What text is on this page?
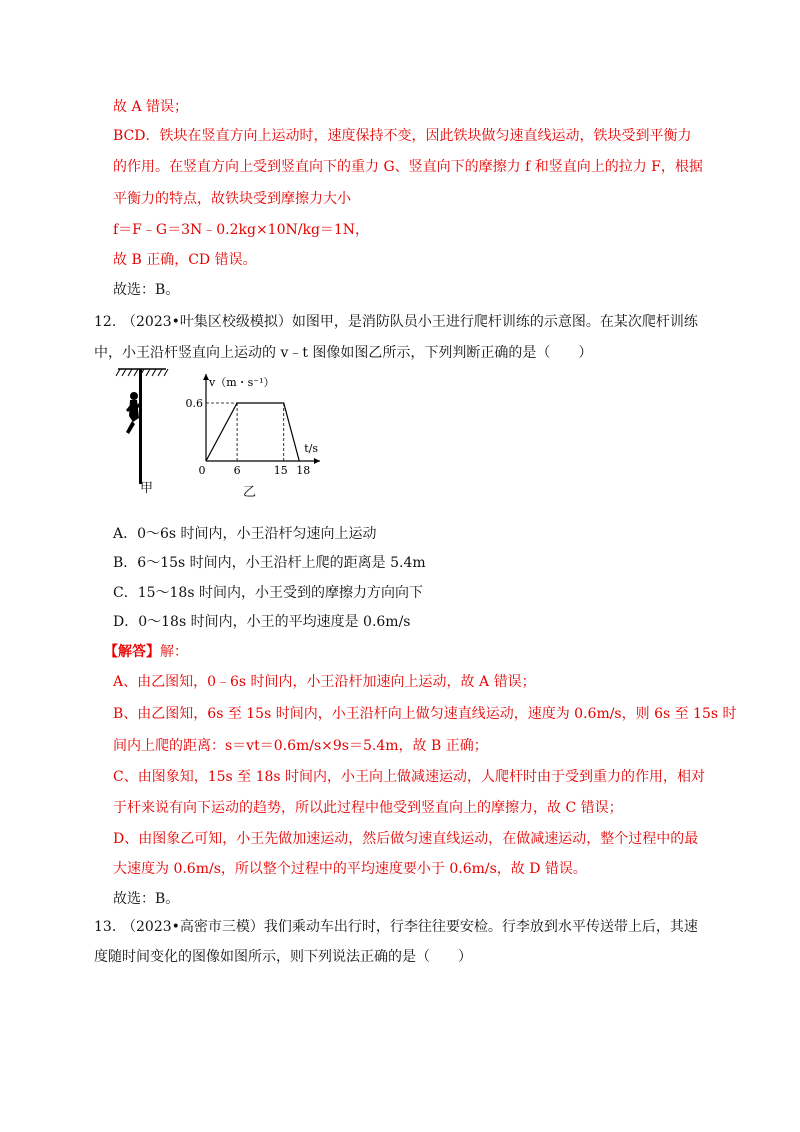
故 A 错误；
BCD．铁块在竖直方向上运动时，速度保持不变，因此铁块做匀速直线运动，铁块受到平衡力
的作用。在竖直方向上受到竖直向下的重力 G、竖直向下的摩擦力 f 和竖直向上的拉力 F，根据
平衡力的特点，故铁块受到摩擦力大小
f＝F﹣G＝3N﹣0.2kg×10N/kg＝1N，
故 B 正确，CD 错误。
故选：B。
12. （2023•叶集区校级模拟）如图甲，是消防队员小王进行爬杆训练的示意图。在某次爬杆训练
中，小王沿杆竖直向上运动的 v﹣t 图像如图乙所示，下列判断正确的是（　　）
甲
v（m・s⁻¹）
t/s
0.6
0	6	15 18
乙
A．0～6s 时间内，小王沿杆匀速向上运动
B．6～15s 时间内，小王沿杆上爬的距离是 5.4m
C．15～18s 时间内，小王受到的摩擦力方向向下
D．0～18s 时间内，小王的平均速度是 0.6m/s
【解答】解：
A、由乙图知，0﹣6s 时间内，小王沿杆加速向上运动，故 A 错误；
B、由乙图知，6s 至 15s 时间内，小王沿杆向上做匀速直线运动，速度为 0.6m/s，则 6s 至 15s 时
间内上爬的距离：s＝vt＝0.6m/s×9s＝5.4m，故 B 正确；
C、由图象知，15s 至 18s 时间内，小王向上做减速运动，人爬杆时由于受到重力的作用，相对
于杆来说有向下运动的趋势，所以此过程中他受到竖直向上的摩擦力，故 C 错误；
D、由图象乙可知，小王先做加速运动，然后做匀速直线运动，在做减速运动，整个过程中的最
大速度为 0.6m/s，所以整个过程中的平均速度要小于 0.6m/s，故 D 错误。
故选：B。
13. （2023•高密市三模）我们乘动车出行时，行李往往要安检。行李放到水平传送带上后，其速
度随时间变化的图像如图所示，则下列说法正确的是（　　）
